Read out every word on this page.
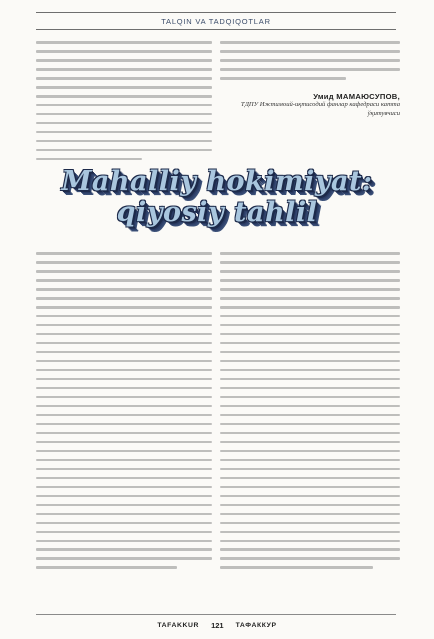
TALQIN VA TADQIQOTLAR
Умид МАМАЮСУПОВ,
ТДПУ Ижтимоий-иқтисодий фанлар кафедраси катта ўқитувчиси
Mahalliy hokimiyat:
qiyosiy tahlil
TAFAKKUR 121 ТАФАККУР
